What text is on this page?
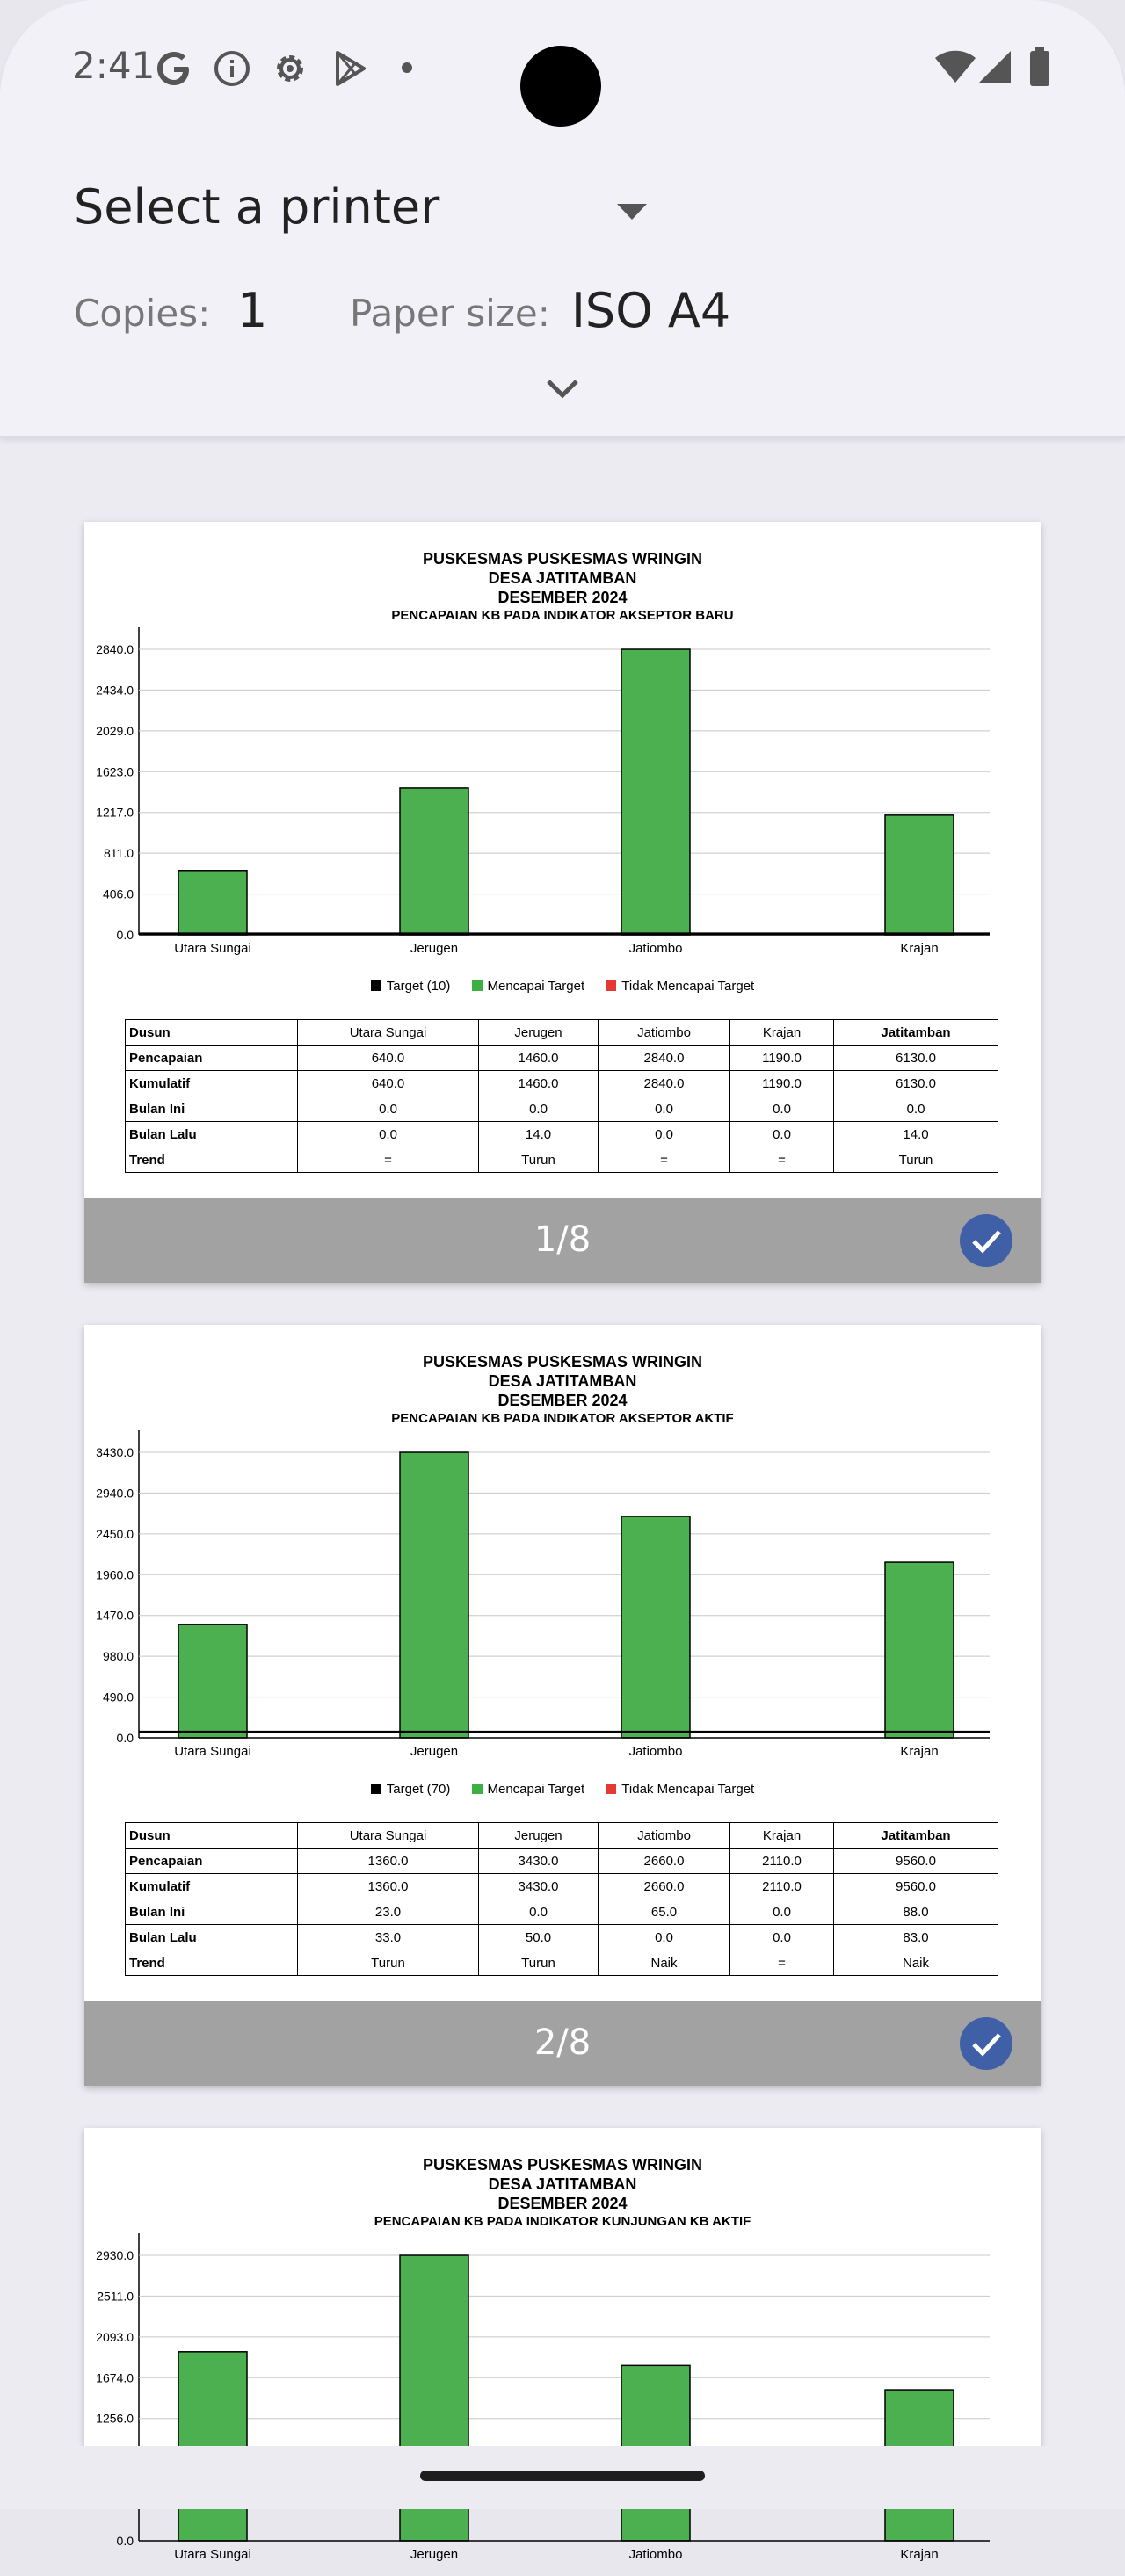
2:41
Select a printer
Copies: 1 Paper size: ISO A4
PUSKESMAS PUSKESMAS WRINGIN
DESA JATITAMBAN
DESEMBER 2024
PENCAPAIAN KB PADA INDIKATOR AKSEPTOR BARU
0.0
406.0
811.0
1217.0
1623.0
2029.0
2434.0
2840.0
Utara Sungai	Jerugen	Jatiombo	Krajan
Target (10)	Mencapai Target	Tidak Mencapai Target
Dusun	Utara Sungai	Jerugen	Jatiombo	Krajan	Jatitamban
Pencapaian	640.0	1460.0	2840.0	1190.0	6130.0
Kumulatif	640.0	1460.0	2840.0	1190.0	6130.0
Bulan Ini	0.0	0.0	0.0	0.0	0.0
Bulan Lalu	0.0	14.0	0.0	0.0	14.0
Trend	=	Turun	=	=	Turun
1/8
PUSKESMAS PUSKESMAS WRINGIN
DESA JATITAMBAN
DESEMBER 2024
PENCAPAIAN KB PADA INDIKATOR AKSEPTOR AKTIF
0.0
490.0
980.0
1470.0
1960.0
2450.0
2940.0
3430.0
Utara Sungai	Jerugen	Jatiombo	Krajan
Target (70)	Mencapai Target	Tidak Mencapai Target
Dusun	Utara Sungai	Jerugen	Jatiombo	Krajan	Jatitamban
Pencapaian	1360.0	3430.0	2660.0	2110.0	9560.0
Kumulatif	1360.0	3430.0	2660.0	2110.0	9560.0
Bulan Ini	23.0	0.0	65.0	0.0	88.0
Bulan Lalu	33.0	50.0	0.0	0.0	83.0
Trend	Turun	Turun	Naik	=	Naik
2/8
PUSKESMAS PUSKESMAS WRINGIN
DESA JATITAMBAN
DESEMBER 2024
PENCAPAIAN KB PADA INDIKATOR KUNJUNGAN KB AKTIF
0.0
1256.0
1674.0
2093.0
2511.0
2930.0
Utara Sungai	Jerugen	Jatiombo	Krajan
